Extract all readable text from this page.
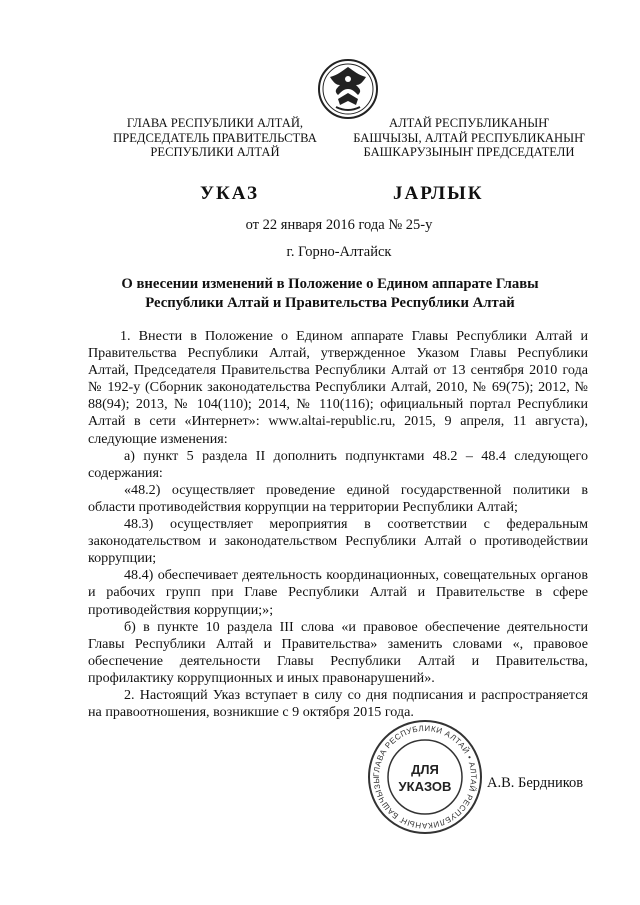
ГЛАВА РЕСПУБЛИКИ АЛТАЙ,
ПРЕДСЕДАТЕЛЬ ПРАВИТЕЛЬСТВА
РЕСПУБЛИКИ АЛТАЙ
АЛТАЙ РЕСПУБЛИКАНЫҤ
БАШЧЫЗЫ, АЛТАЙ РЕСПУБЛИКАНЫҤ
БАШКАРУЗЫНЫҤ ПРЕДСЕДАТЕЛИ
УКАЗ	ЈАРЛЫК
от 22 января 2016 года № 25-у
г. Горно-Алтайск
О внесении изменений в Положение о Едином аппарате Главы
Республики Алтай и Правительства Республики Алтай

1. Внести в Положение о Едином аппарате Главы Республики Алтай и Правительства Республики Алтай, утвержденное Указом Главы Республики Алтай, Председателя Правительства Республики Алтай от 13 сентября 2010 года № 192-у (Сборник законодательства Республики Алтай, 2010, № 69(75); 2012, № 88(94); 2013, № 104(110); 2014, № 110(116); официальный портал Республики Алтай в сети «Интернет»: www.altai-republic.ru, 2015, 9 апреля, 11 августа), следующие изменения:

а) пункт 5 раздела II дополнить подпунктами 48.2 – 48.4 следующего содержания:

«48.2) осуществляет проведение единой государственной политики в области противодействия коррупции на территории Республики Алтай;

48.3) осуществляет мероприятия в соответствии с федеральным законодательством и законодательством Республики Алтай о противодействии коррупции;

48.4) обеспечивает деятельность координационных, совещательных органов и рабочих групп при Главе Республики Алтай и Правительстве в сфере противодействия коррупции;»;

б) в пункте 10 раздела III слова «и правовое обеспечение деятельности Главы Республики Алтай и Правительства» заменить словами «, правовое обеспечение деятельности Главы Республики Алтай и Правительства, профилактику коррупционных и иных правонарушений».

2. Настоящий Указ вступает в силу со дня подписания и распространяется на правоотношения, возникшие с 9 октября 2015 года.

ГЛАВА РЕСПУБЛИКИ АЛТАЙ • АЛТАЙ РЕСПУБЛИКАНЫҤ БАШЧЫЗЫ
ДЛЯ
УКАЗОВ А.В. Бердников
